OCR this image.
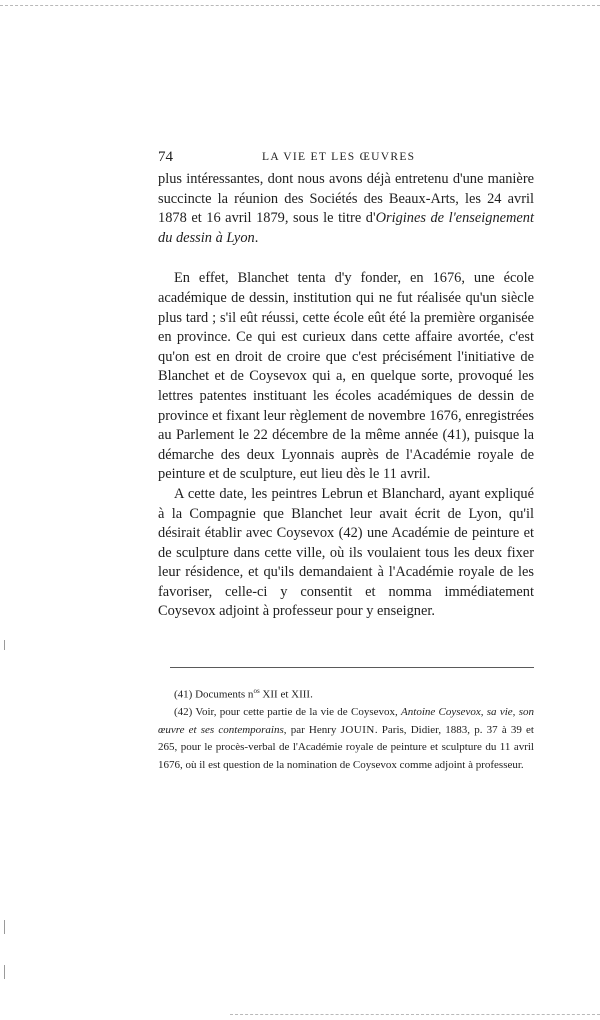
74	LA VIE ET LES ŒUVRES

plus intéressantes, dont nous avons déjà entretenu d'une manière succincte la réunion des Sociétés des Beaux-Arts, les 24 avril 1878 et 16 avril 1879, sous le titre d'Origines de l'enseignement du dessin à Lyon.

En effet, Blanchet tenta d'y fonder, en 1676, une école académique de dessin, institution qui ne fut réalisée qu'un siècle plus tard ; s'il eût réussi, cette école eût été la première organisée en province. Ce qui est curieux dans cette affaire avortée, c'est qu'on est en droit de croire que c'est précisément l'initiative de Blanchet et de Coysevox qui a, en quelque sorte, provoqué les lettres patentes instituant les écoles académiques de dessin de province et fixant leur règlement de novembre 1676, enregistrées au Parlement le 22 décembre de la même année (41), puisque la démarche des deux Lyonnais auprès de l'Académie royale de peinture et de sculpture, eut lieu dès le 11 avril.

A cette date, les peintres Lebrun et Blanchard, ayant expliqué à la Compagnie que Blanchet leur avait écrit de Lyon, qu'il désirait établir avec Coysevox (42) une Académie de peinture et de sculpture dans cette ville, où ils voulaient tous les deux fixer leur résidence, et qu'ils demandaient à l'Académie royale de les favoriser, celle-ci y consentit et nomma immédiatement Coysevox adjoint à professeur pour y enseigner.

(41) Documents $n^{os}$ XII et XIII.

(42) Voir, pour cette partie de la vie de Coysevox, Antoine Coysevox, sa vie, son œuvre et ses contemporains, par Henry JOUIN. Paris, Didier, 1883, p. 37 à 39 et 265, pour le procès-verbal de l'Académie royale de peinture et sculpture du 11 avril 1676, où il est question de la nomination de Coysevox comme adjoint à professeur.
